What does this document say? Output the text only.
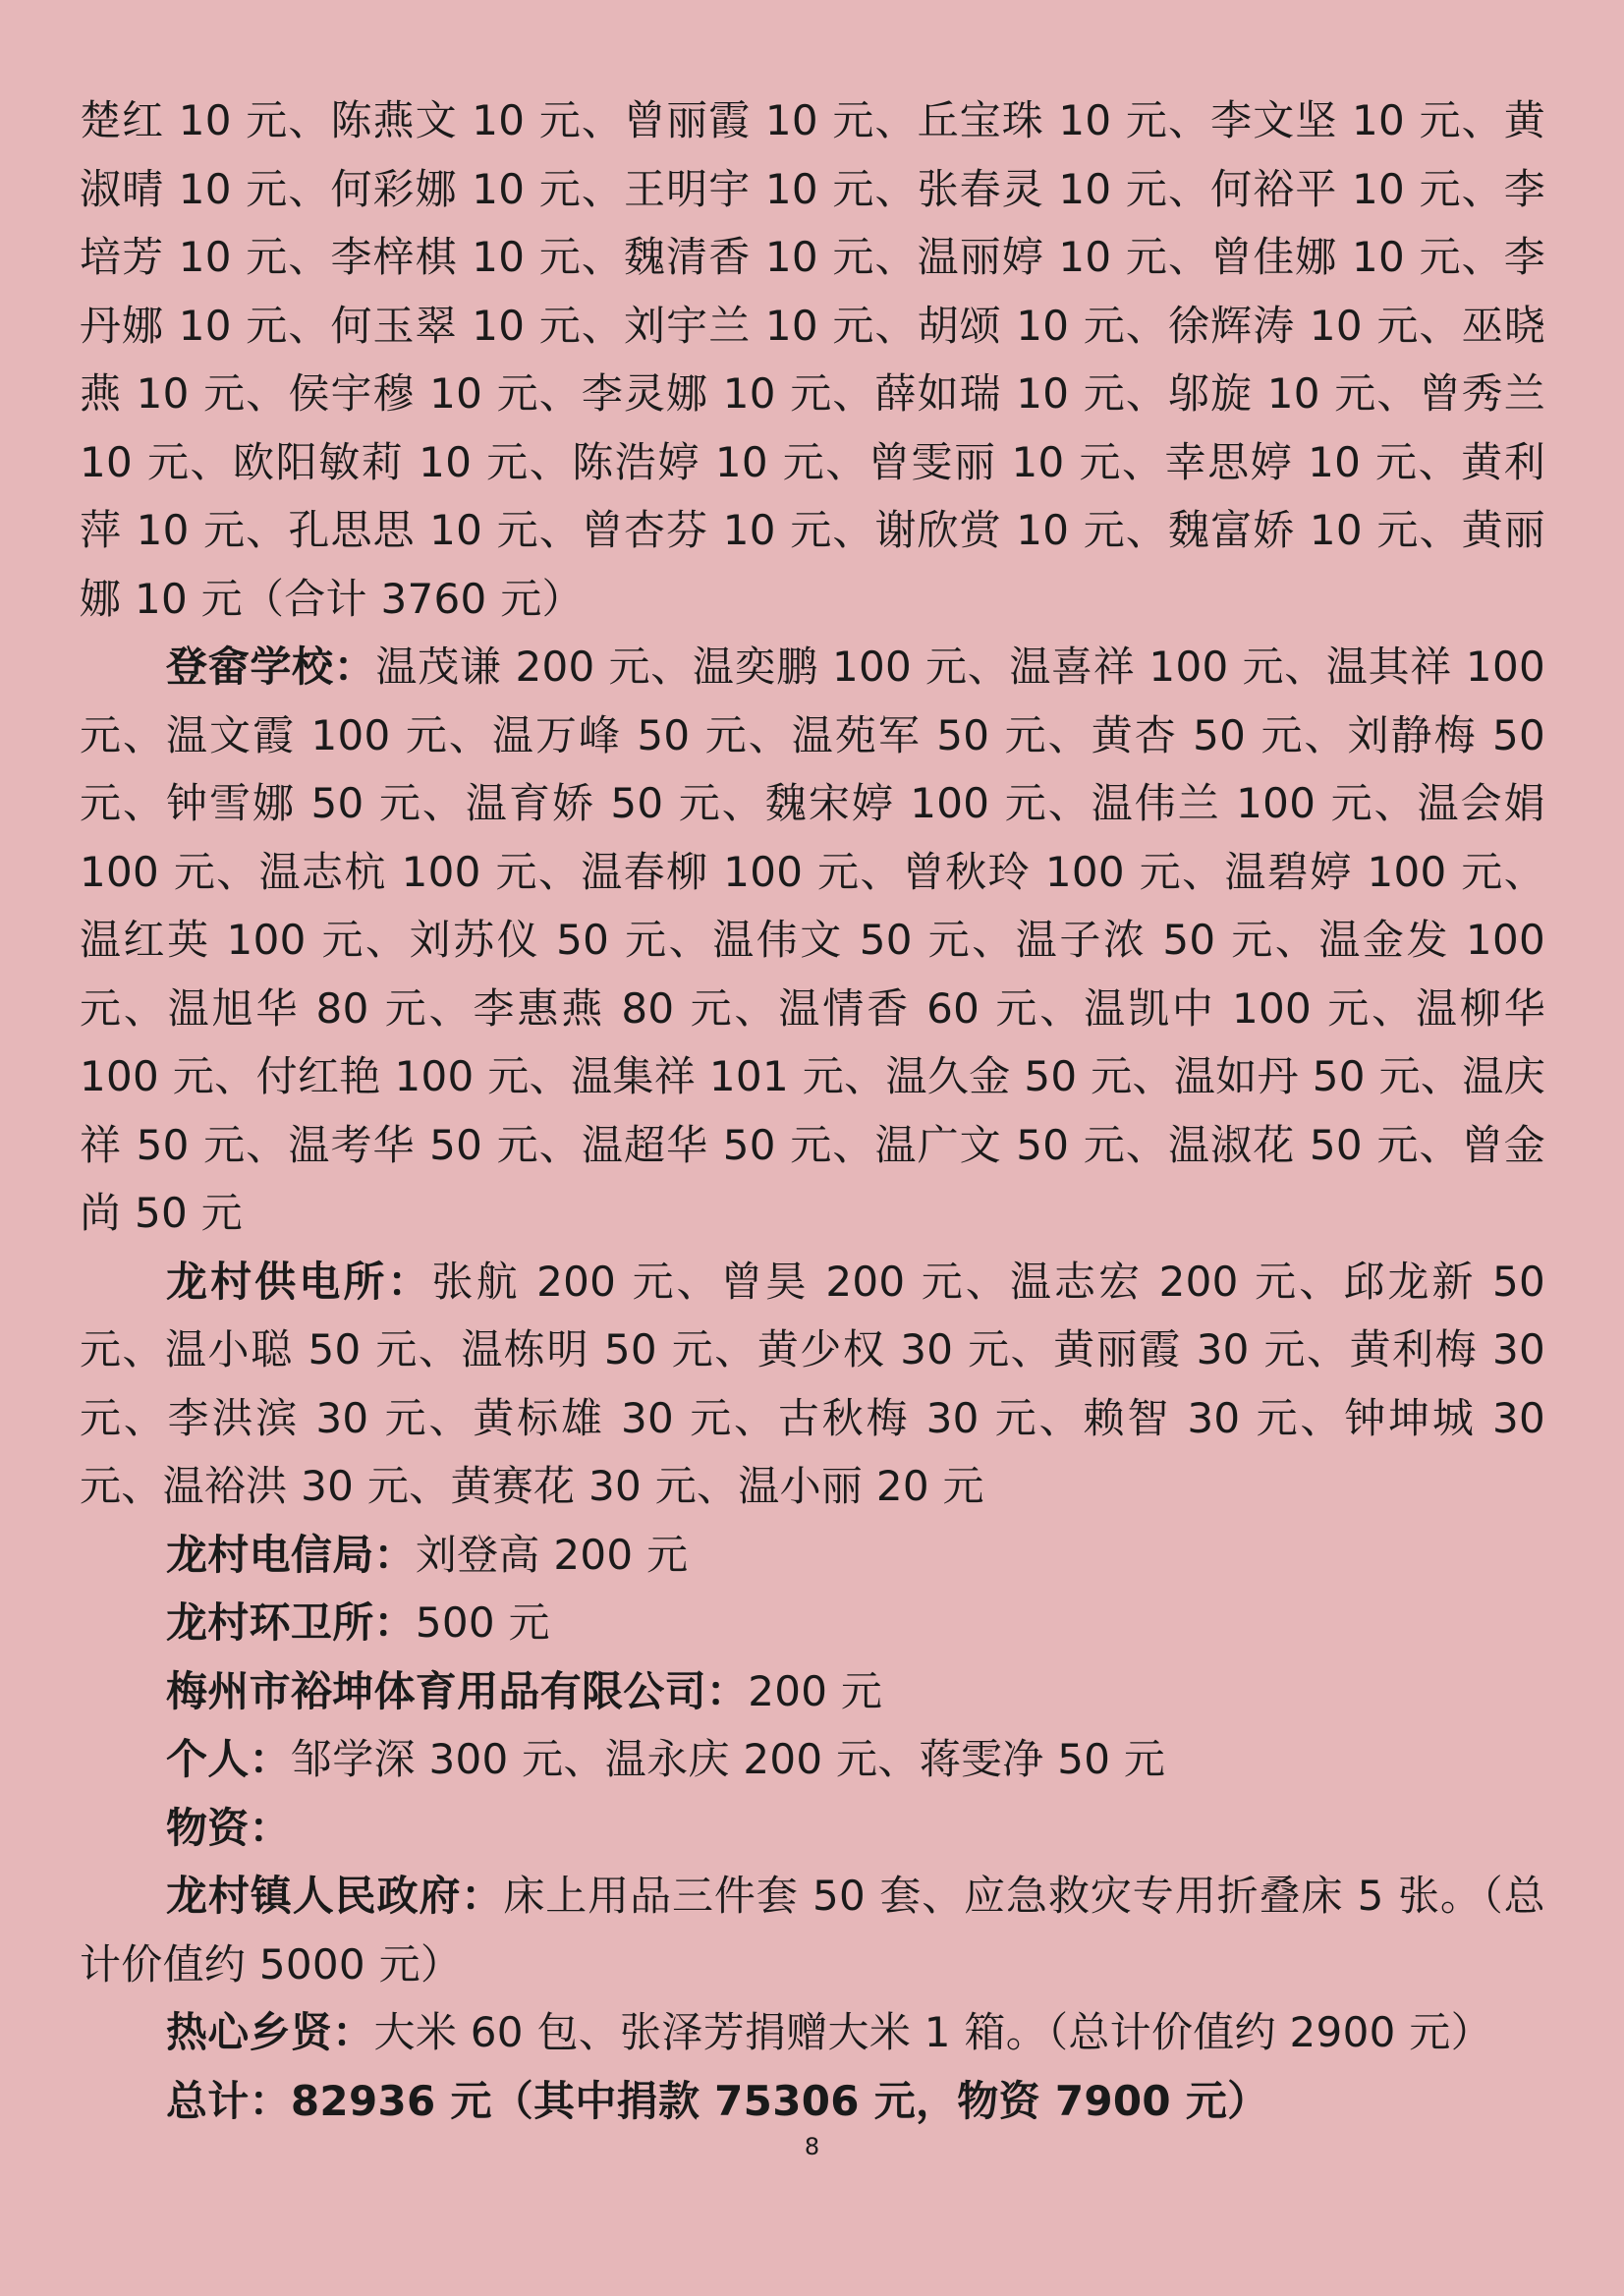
楚红 10 元、陈燕文 10 元、曾丽霞 10 元、丘宝珠 10 元、李文坚 10 元、黄淑晴 10 元、何彩娜 10 元、王明宇 10 元、张春灵 10 元、何裕平 10 元、李培芳 10 元、李梓棋 10 元、魏清香 10 元、温丽婷 10 元、曾佳娜 10 元、李丹娜 10 元、何玉翠 10 元、刘宇兰 10 元、胡颂 10 元、徐辉涛 10 元、巫晓燕 10 元、侯宇穆 10 元、李灵娜 10 元、薛如瑞 10 元、邬旋 10 元、曾秀兰 10 元、欧阳敏莉 10 元、陈浩婷 10 元、曾雯丽 10 元、幸思婷 10 元、黄利萍 10 元、孔思思 10 元、曾杏芬 10 元、谢欣赏 10 元、魏富娇 10 元、黄丽娜 10 元（合计 3760 元）

登畲学校：温茂谦 200 元、温奕鹏 100 元、温喜祥 100 元、温其祥 100 元、温文霞 100 元、温万峰 50 元、温苑军 50 元、黄杏 50 元、刘静梅 50 元、钟雪娜 50 元、温育娇 50 元、魏宋婷 100 元、温伟兰 100 元、温会娟 100 元、温志杭 100 元、温春柳 100 元、曾秋玲 100 元、温碧婷 100 元、温红英 100 元、刘苏仪 50 元、温伟文 50 元、温子浓 50 元、温金发 100 元、温旭华 80 元、李惠燕 80 元、温情香 60 元、温凯中 100 元、温柳华 100 元、付红艳 100 元、温集祥 101 元、温久金 50 元、温如丹 50 元、温庆祥 50 元、温考华 50 元、温超华 50 元、温广文 50 元、温淑花 50 元、曾金尚 50 元

龙村供电所：张航 200 元、曾昊 200 元、温志宏 200 元、邱龙新 50 元、温小聪 50 元、温栋明 50 元、黄少权 30 元、黄丽霞 30 元、黄利梅 30 元、李洪滨 30 元、黄标雄 30 元、古秋梅 30 元、赖智 30 元、钟坤城 30 元、温裕洪 30 元、黄赛花 30 元、温小丽 20 元

龙村电信局：刘登高 200 元

龙村环卫所：500 元

梅州市裕坤体育用品有限公司：200 元

个人：邹学深 300 元、温永庆 200 元、蒋雯净 50 元

物资：

龙村镇人民政府：床上用品三件套 50 套、应急救灾专用折叠床 5 张。（总计价值约 5000 元）

热心乡贤：大米 60 包、张泽芳捐赠大米 1 箱。（总计价值约 2900 元）

总计：82936 元（其中捐款 75306 元，物资 7900 元）

8
